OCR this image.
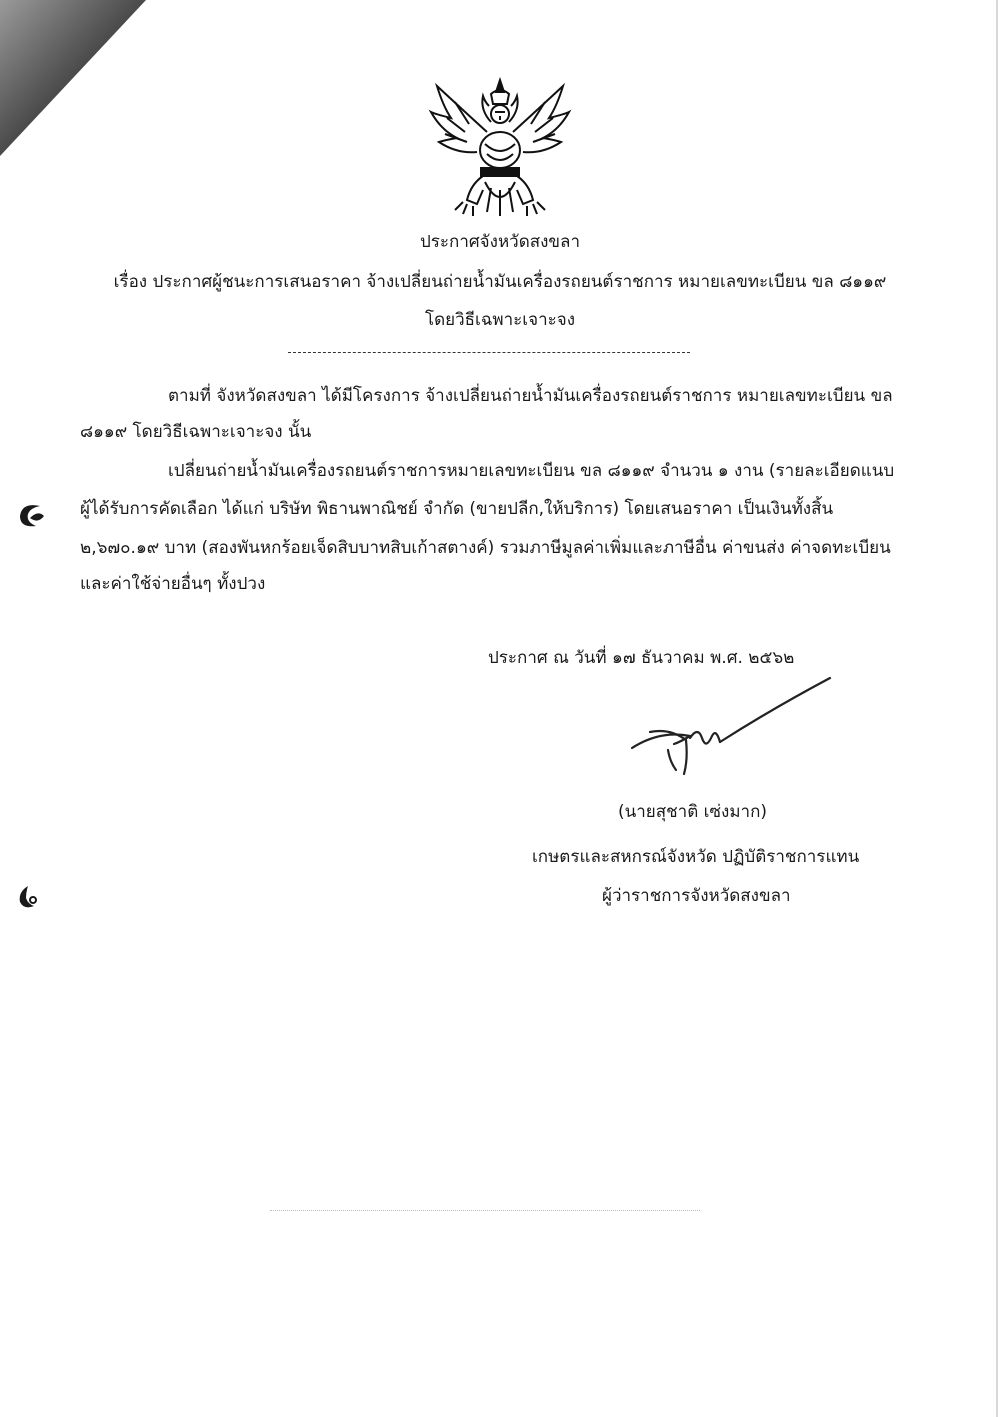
ประกาศจังหวัดสงขลา
เรื่อง ประกาศผู้ชนะการเสนอราคา จ้างเปลี่ยนถ่ายน้ำมันเครื่องรถยนต์ราชการ หมายเลขทะเบียน ขล ๘๑๑๙
โดยวิธีเฉพาะเจาะจง
ตามที่ จังหวัดสงขลา ได้มีโครงการ จ้างเปลี่ยนถ่ายน้ำมันเครื่องรถยนต์ราชการ หมายเลขทะเบียน ขล
๘๑๑๙ โดยวิธีเฉพาะเจาะจง นั้น
เปลี่ยนถ่ายน้ำมันเครื่องรถยนต์ราชการหมายเลขทะเบียน ขล ๘๑๑๙ จำนวน ๑ งาน (รายละเอียดแนบ
ผู้ได้รับการคัดเลือก ได้แก่ บริษัท พิธานพาณิชย์ จำกัด (ขายปลีก,ให้บริการ) โดยเสนอราคา เป็นเงินทั้งสิ้น
๒,๖๗๐.๑๙ บาท (สองพันหกร้อยเจ็ดสิบบาทสิบเก้าสตางค์) รวมภาษีมูลค่าเพิ่มและภาษีอื่น ค่าขนส่ง ค่าจดทะเบียน
และค่าใช้จ่ายอื่นๆ ทั้งปวง
ประกาศ ณ วันที่ ๑๗ ธันวาคม พ.ศ. ๒๕๖๒
(นายสุชาติ เซ่งมาก)
เกษตรและสหกรณ์จังหวัด ปฏิบัติราชการแทน
ผู้ว่าราชการจังหวัดสงขลา
